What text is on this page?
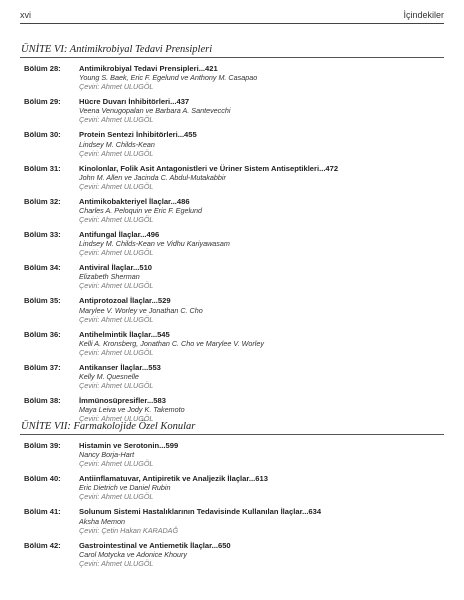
xvi	İçindekiler
ÜNİTE VI: Antimikrobiyal Tedavi Prensipleri
Bölüm 28: Antimikrobiyal Tedavi Prensipleri...421
Young S. Baek, Eric F. Egelund ve Anthony M. Casapao
Çeviri: Ahmet ULUGÖL
Bölüm 29: Hücre Duvarı İnhibitörleri...437
Veena Venugopalan ve Barbara A. Santevecchi
Çeviri: Ahmet ULUGÖL
Bölüm 30: Protein Sentezi İnhibitörleri...455
Lindsey M. Childs-Kean
Çeviri: Ahmet ULUGÖL
Bölüm 31: Kinolonlar, Folik Asit Antagonistleri ve Üriner Sistem Antiseptikleri...472
John M. Allen ve Jacinda C. Abdul-Mutakabbir
Çeviri: Ahmet ULUGÖL
Bölüm 32: Antimikobakteriyel İlaçlar...486
Charles A. Peloquin ve Eric F. Egelund
Çeviri: Ahmet ULUGÖL
Bölüm 33: Antifungal İlaçlar...496
Lindsey M. Childs-Kean ve Vidhu Kariyawasam
Çeviri: Ahmet ULUGÖL
Bölüm 34: Antiviral İlaçlar...510
Elizabeth Sherman
Çeviri: Ahmet ULUGÖL
Bölüm 35: Antiprotozoal İlaçlar...529
Marylee V. Worley ve Jonathan C. Cho
Çeviri: Ahmet ULUGÖL
Bölüm 36: Antihelmintik İlaçlar...545
Kelli A. Kronsberg, Jonathan C. Cho ve Marylee V. Worley
Çeviri: Ahmet ULUGÖL
Bölüm 37: Antikanser İlaçlar...553
Kelly M. Quesnelle
Çeviri: Ahmet ULUGÖL
Bölüm 38: İmmünosüpresifler...583
Maya Leiva ve Jody K. Takemoto
Çeviri: Ahmet ULUGÖL
ÜNİTE VII: Farmakolojide Özel Konular
Bölüm 39: Histamin ve Serotonin...599
Nancy Borja-Hart
Çeviri: Ahmet ULUGÖL
Bölüm 40: Antiinflamatuvar, Antipiretik ve Analjezik İlaçlar...613
Eric Dietrich ve Daniel Rubin
Çeviri: Ahmet ULUGÖL
Bölüm 41: Solunum Sistemi Hastalıklarının Tedavisinde Kullanılan İlaçlar...634
Aksha Memon
Çeviri: Çetin Hakan KARADAĞ
Bölüm 42: Gastrointestinal ve Antiemetik İlaçlar...650
Carol Motycka ve Adonice Khoury
Çeviri: Ahmet ULUGÖL
